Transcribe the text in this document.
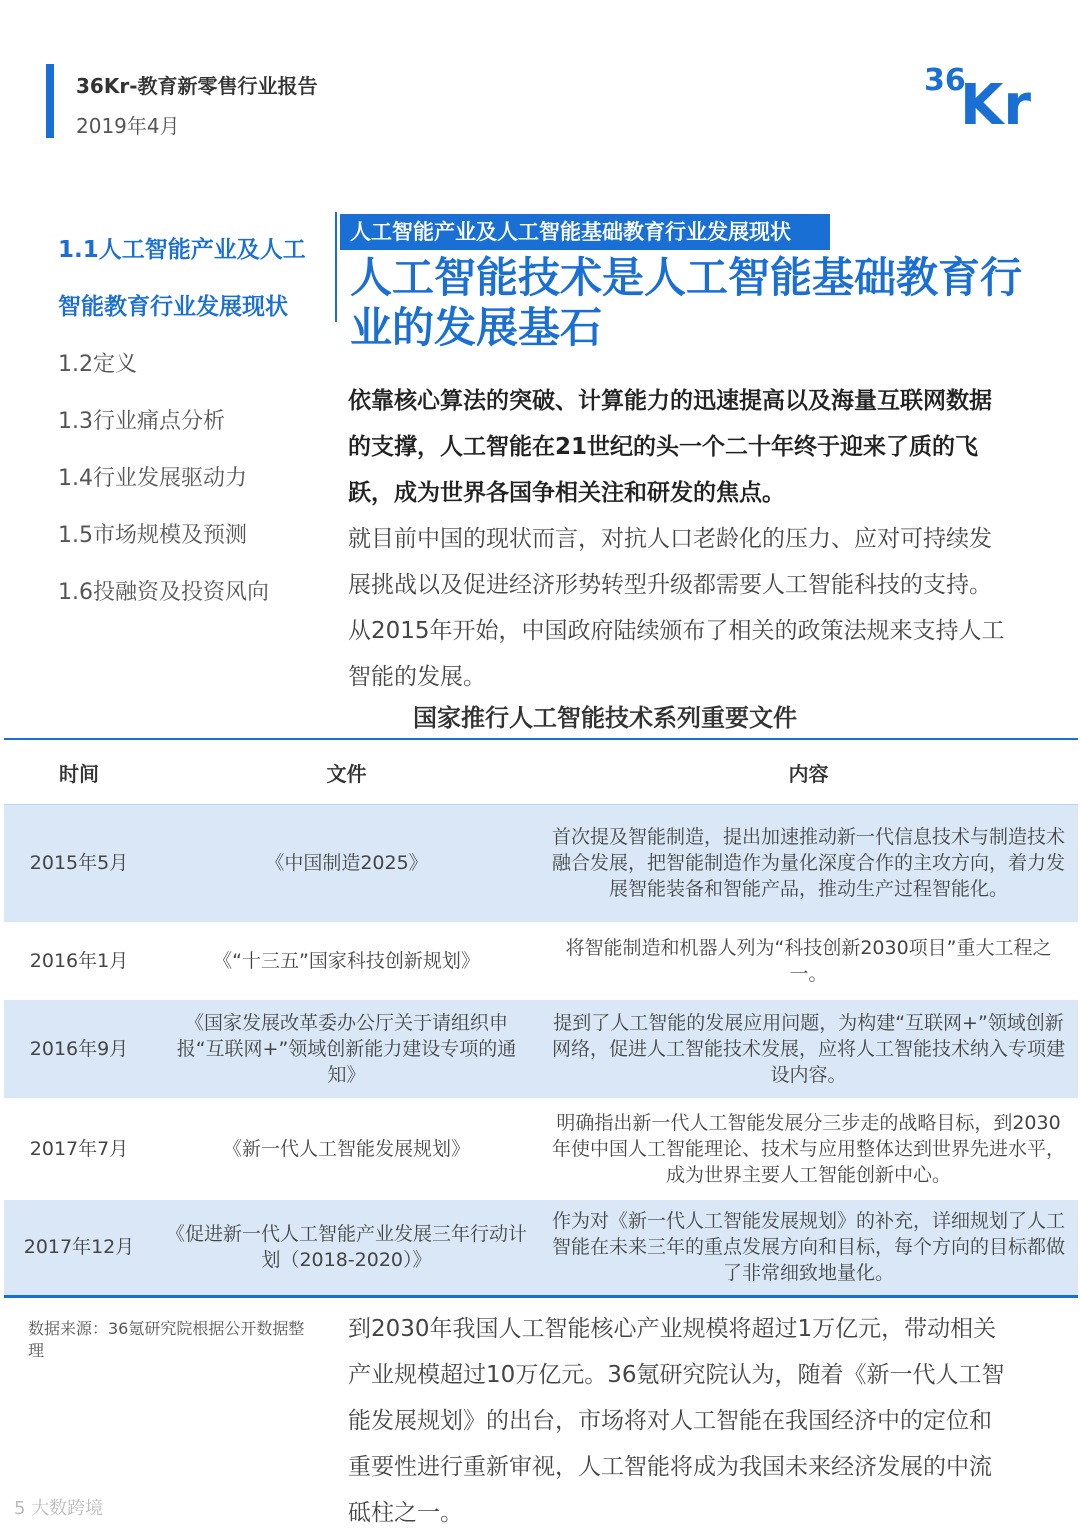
36Kr-教育新零售行业报告
2019年4月
36
Kr
1.1人工智能产业及人工智能教育行业发展现状
1.2定义
1.3行业痛点分析
1.4行业发展驱动力
1.5市场规模及预测
1.6投融资及投资风向
人工智能产业及人工智能基础教育行业发展现状
人工智能技术是人工智能基础教育行业的发展基石
依靠核心算法的突破、计算能力的迅速提高以及海量互联网数据的支撑，人工智能在21世纪的头一个二十年终于迎来了质的飞跃，成为世界各国争相关注和研发的焦点。
就目前中国的现状而言，对抗人口老龄化的压力、应对可持续发展挑战以及促进经济形势转型升级都需要人工智能科技的支持。从2015年开始，中国政府陆续颁布了相关的政策法规来支持人工智能的发展。
国家推行人工智能技术系列重要文件
时间	文件	内容
2015年5月	《中国制造2025》	首次提及智能制造，提出加速推动新一代信息技术与制造技术融合发展，把智能制造作为量化深度合作的主攻方向，着力发展智能装备和智能产品，推动生产过程智能化。
2016年1月	《“十三五”国家科技创新规划》	将智能制造和机器人列为“科技创新2030项目”重大工程之一。
2016年9月	《国家发展改革委办公厅关于请组织申报“互联网+”领域创新能力建设专项的通知》	提到了人工智能的发展应用问题，为构建“互联网+”领域创新网络，促进人工智能技术发展，应将人工智能技术纳入专项建设内容。
2017年7月	《新一代人工智能发展规划》	明确指出新一代人工智能发展分三步走的战略目标，到2030年使中国人工智能理论、技术与应用整体达到世界先进水平，成为世界主要人工智能创新中心。
2017年12月	《促进新一代人工智能产业发展三年行动计划（2018-2020）》	作为对《新一代人工智能发展规划》的补充，详细规划了人工智能在未来三年的重点发展方向和目标，每个方向的目标都做了非常细致地量化。
数据来源：36氪研究院根据公开数据整理
到2030年我国人工智能核心产业规模将超过1万亿元，带动相关产业规模超过10万亿元。36氪研究院认为，随着《新一代人工智能发展规划》的出台，市场将对人工智能在我国经济中的定位和重要性进行重新审视，人工智能将成为我国未来经济发展的中流砥柱之一。
5 大数跨境
